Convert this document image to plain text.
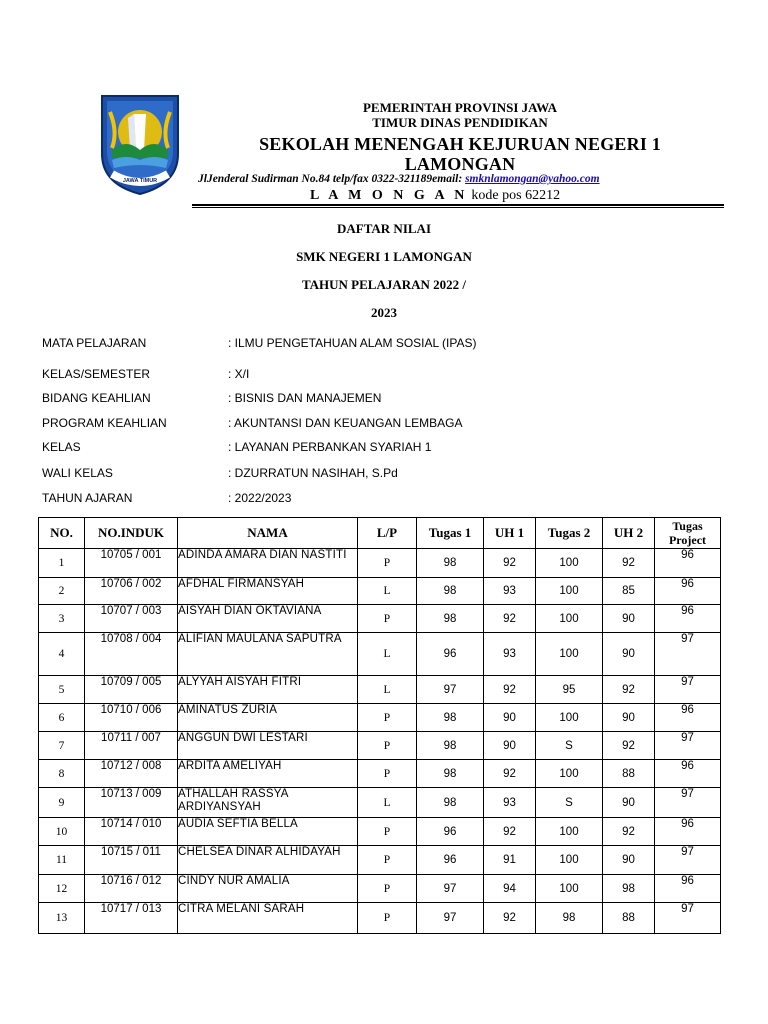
JAWA TIMUR
PEMERINTAH PROVINSI JAWA
TIMUR DINAS PENDIDIKAN
SEKOLAH MENENGAH KEJURUAN NEGERI 1
LAMONGAN
JlJenderal Sudirman No.84 telp/fax 0322-321189email: smknlamongan@yahoo.com
L A M O N G A N kode pos 62212
DAFTAR NILAI
SMK NEGERI 1 LAMONGAN
TAHUN PELAJARAN 2022 /
2023
MATA PELAJARAN	: ILMU PENGETAHUAN ALAM SOSIAL (IPAS)
KELAS/SEMESTER	: X/I
BIDANG KEAHLIAN	: BISNIS DAN MANAJEMEN
PROGRAM KEAHLIAN	: AKUNTANSI DAN KEUANGAN LEMBAGA
KELAS	: LAYANAN PERBANKAN SYARIAH 1
WALI KELAS	: DZURRATUN NASIHAH, S.Pd
TAHUN AJARAN	: 2022/2023
NO.	NO.INDUK	NAMA	L/P	Tugas 1	UH 1	Tugas 2	UH 2	Tugas Project
1	10705 / 001	ADINDA AMARA DIAN NASTITI	P	98	92	100	92	96
2	10706 / 002	AFDHAL FIRMANSYAH	L	98	93	100	85	96
3	10707 / 003	AISYAH DIAN OKTAVIANA	P	98	92	100	90	96
4	10708 / 004	ALIFIAN MAULANA SAPUTRA	L	96	93	100	90	97
5	10709 / 005	ALYYAH AISYAH FITRI	L	97	92	95	92	97
6	10710 / 006	AMINATUS ZURIA	P	98	90	100	90	96
7	10711 / 007	ANGGUN DWI LESTARI	P	98	90	S	92	97
8	10712 / 008	ARDITA AMELIYAH	P	98	92	100	88	96
9	10713 / 009	ATHALLAH RASSYA ARDIYANSYAH	L	98	93	S	90	97
10	10714 / 010	AUDIA SEFTIA BELLA	P	96	92	100	92	96
11	10715 / 011	CHELSEA DINAR ALHIDAYAH	P	96	91	100	90	97
12	10716 / 012	CINDY NUR AMALIA	P	97	94	100	98	96
13	10717 / 013	CITRA MELANI SARAH	P	97	92	98	88	97
